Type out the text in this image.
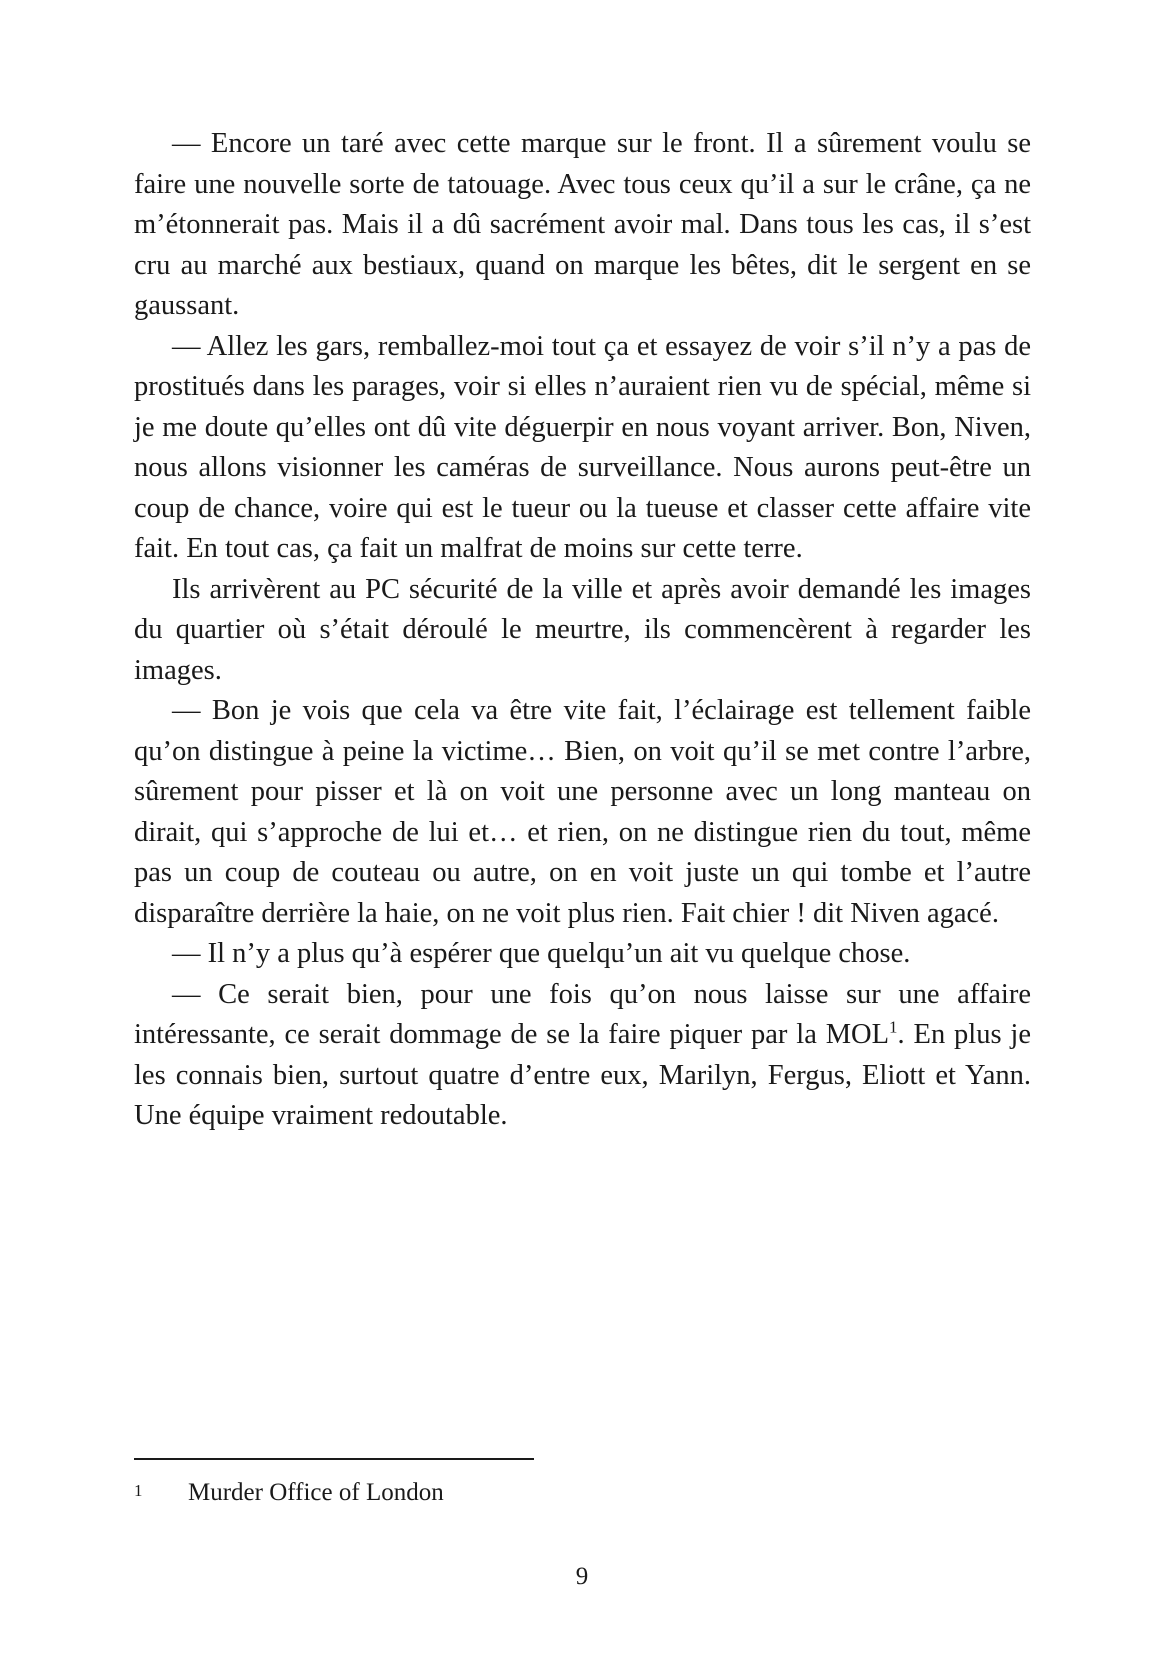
— Encore un taré avec cette marque sur le front. Il a sûrement voulu se faire une nouvelle sorte de tatouage. Avec tous ceux qu’il a sur le crâne, ça ne m’étonnerait pas. Mais il a dû sacrément avoir mal. Dans tous les cas, il s’est cru au marché aux bestiaux, quand on marque les bêtes, dit le sergent en se gaussant.

— Allez les gars, remballez-moi tout ça et essayez de voir s’il n’y a pas de prostitués dans les parages, voir si elles n’auraient rien vu de spécial, même si je me doute qu’elles ont dû vite déguerpir en nous voyant arriver. Bon, Niven, nous allons visionner les caméras de surveillance. Nous aurons peut-être un coup de chance, voire qui est le tueur ou la tueuse et classer cette affaire vite fait. En tout cas, ça fait un malfrat de moins sur cette terre.

Ils arrivèrent au PC sécurité de la ville et après avoir demandé les images du quartier où s’était déroulé le meurtre, ils commencèrent à regarder les images.

— Bon je vois que cela va être vite fait, l’éclairage est tellement faible qu’on distingue à peine la victime… Bien, on voit qu’il se met contre l’arbre, sûrement pour pisser et là on voit une personne avec un long manteau on dirait, qui s’approche de lui et… et rien, on ne distingue rien du tout, même pas un coup de couteau ou autre, on en voit juste un qui tombe et l’autre disparaître derrière la haie, on ne voit plus rien. Fait chier ! dit Niven agacé.

— Il n’y a plus qu’à espérer que quelqu’un ait vu quelque chose.

— Ce serait bien, pour une fois qu’on nous laisse sur une affaire intéressante, ce serait dommage de se la faire piquer par la MOL$^1$. En plus je les connais bien, surtout quatre d’entre eux, Marilyn, Fergus, Eliott et Yann. Une équipe vraiment redoutable.

1 Murder Office of London
9
